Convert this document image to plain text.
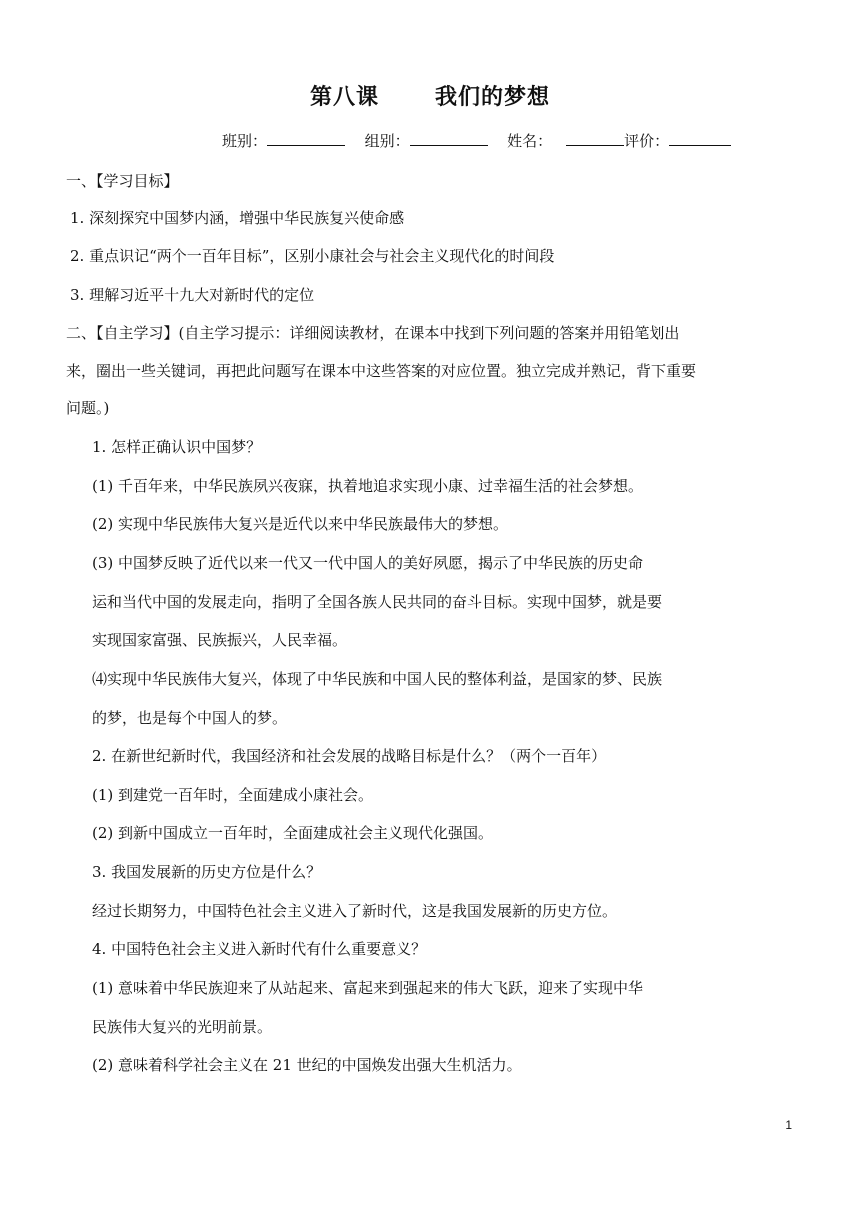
第八课	我们的梦想
班别：	组别：	姓名：	评价：
一、【学习目标】
1. 深刻探究中国梦内涵，增强中华民族复兴使命感
2. 重点识记“两个一百年目标”，区别小康社会与社会主义现代化的时间段
3. 理解习近平十九大对新时代的定位
二、【自主学习】(自主学习提示：详细阅读教材，在课本中找到下列问题的答案并用铅笔划出
来，圈出一些关键词，再把此问题写在课本中这些答案的对应位置。独立完成并熟记，背下重要
问题。)
1. 怎样正确认识中国梦？
(1) 千百年来，中华民族夙兴夜寐，执着地追求实现小康、过幸福生活的社会梦想。
(2) 实现中华民族伟大复兴是近代以来中华民族最伟大的梦想。
(3) 中国梦反映了近代以来一代又一代中国人的美好夙愿，揭示了中华民族的历史命
运和当代中国的发展走向，指明了全国各族人民共同的奋斗目标。实现中国梦，就是要
实现国家富强、民族振兴，人民幸福。
⑷实现中华民族伟大复兴，体现了中华民族和中国人民的整体利益，是国家的梦、民族
的梦，也是每个中国人的梦。
2. 在新世纪新时代，我国经济和社会发展的战略目标是什么？（两个一百年）
(1) 到建党一百年时，全面建成小康社会。
(2) 到新中国成立一百年时，全面建成社会主义现代化强国。
3. 我国发展新的历史方位是什么？
经过长期努力，中国特色社会主义进入了新时代，这是我国发展新的历史方位。
4. 中国特色社会主义进入新时代有什么重要意义？
(1) 意味着中华民族迎来了从站起来、富起来到强起来的伟大飞跃，迎来了实现中华
民族伟大复兴的光明前景。
(2) 意味着科学社会主义在 21 世纪的中国焕发出强大生机活力。
1
